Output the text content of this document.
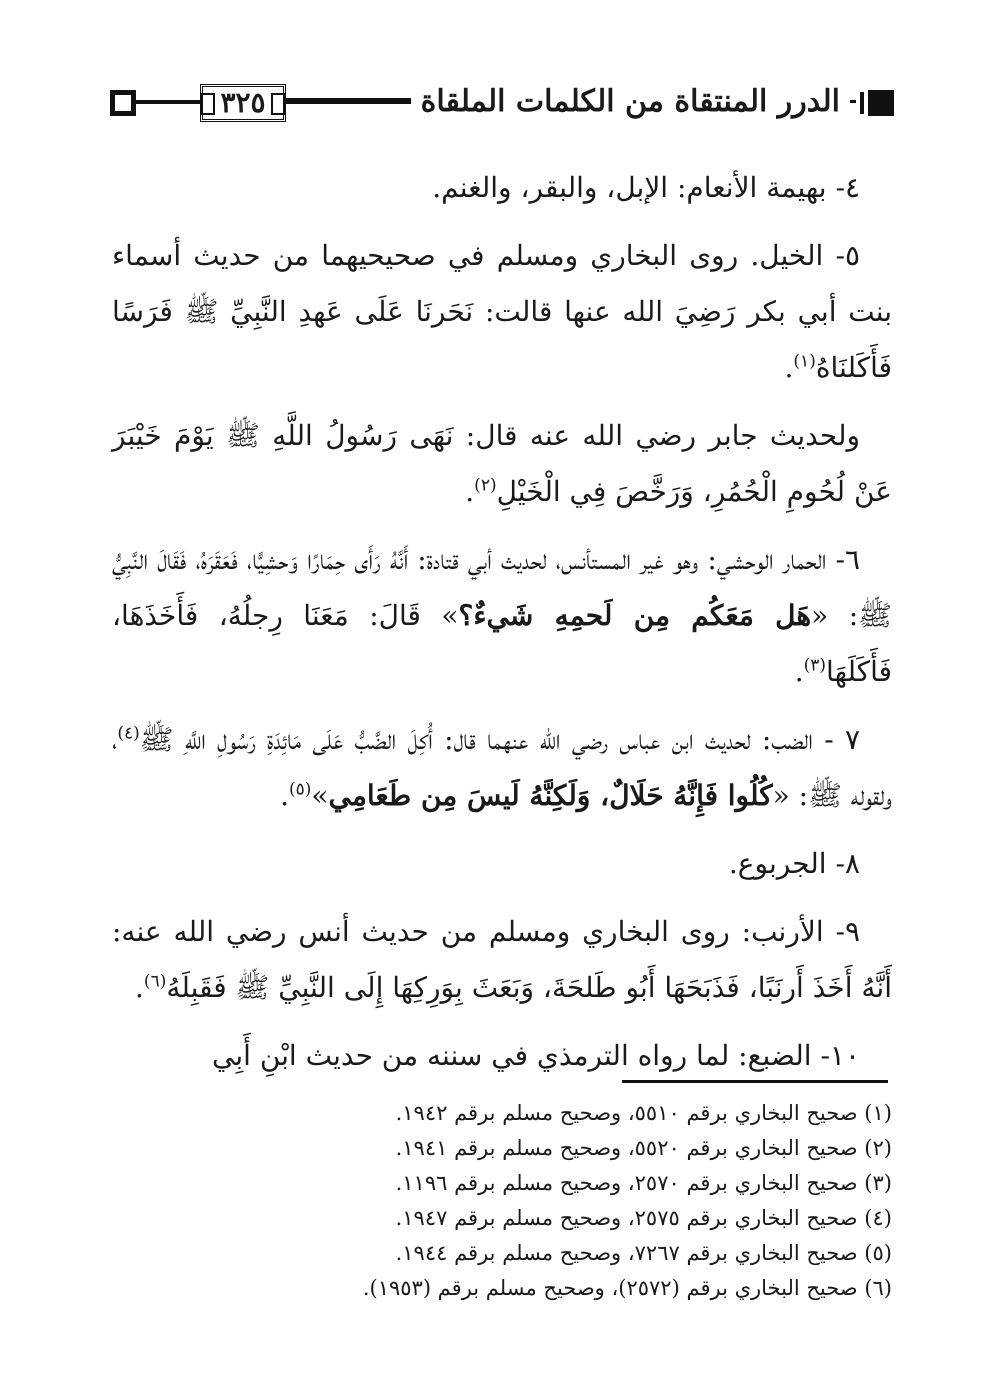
٣٢٥	الدرر المنتقاة من الكلمات الملقاة

٤- بهيمة الأنعام: الإبل، والبقر، والغنم.

٥- الخيل. روى البخاري ومسلم في صحيحيهما من حديث أسماء بنت أبي بكر رَضِيَ الله عنها قالت: نَحَرنَا عَلَى عَهدِ النَّبِيِّ ﷺ فَرَسًا فَأَكَلنَاهُ$^{(١)}$.

ولحديث جابر رضي الله عنه قال: نَهَى رَسُولُ اللَّهِ ﷺ يَوْمَ خَيْبَرَ عَنْ لُحُومِ الْحُمُرِ، وَرَخَّصَ فِي الْخَيْلِ$^{(٢)}$.

٦- الحمار الوحشي: وهو غير المستأنس، لحديث أبي قتادة: أَنَّهُ رَأَى حِمَارًا وَحشِيًّا، فَعَقَرَهُ، فَقَالَ النَّبِيُّ ﷺ: «هَل مَعَكُم مِن لَحمِهِ شَيءٌ؟» قَالَ: مَعَنَا رِجلُهُ، فَأَخَذَهَا، فَأَكَلَهَا$^{(٣)}$.

٧ - الضب: لحديث ابن عباس رضي الله عنهما قال: أُكِلَ الضَّبُّ عَلَى مَائِدَةِ رَسُولِ اللَّهِ ﷺ$^{(٤)}$، ولقوله ﷺ: «كُلُوا فَإِنَّهُ حَلَالٌ، وَلَكِنَّهُ لَيسَ مِن طَعَامِي»$^{(٥)}$.

٨- الجربوع.

٩- الأرنب: روى البخاري ومسلم من حديث أنس رضي الله عنه: أَنَّهُ أَخَذَ أَرنَبًا، فَذَبَحَهَا أَبُو طَلحَةَ، وَبَعَثَ بِوَرِكِهَا إِلَى النَّبِيِّ ﷺ فَقَبِلَهُ$^{(٦)}$.

١٠- الضبع: لما رواه الترمذي في سننه من حديث ابْنِ أَبِي

(١) صحيح البخاري برقم ٥٥١٠، وصحيح مسلم برقم ١٩٤٢.
(٢) صحيح البخاري برقم ٥٥٢٠، وصحيح مسلم برقم ١٩٤١.
(٣) صحيح البخاري برقم ٢٥٧٠، وصحيح مسلم برقم ١١٩٦.
(٤) صحيح البخاري برقم ٢٥٧٥، وصحيح مسلم برقم ١٩٤٧.
(٥) صحيح البخاري برقم ٧٢٦٧، وصحيح مسلم برقم ١٩٤٤.
(٦) صحيح البخاري برقم (٢٥٧٢)، وصحيح مسلم برقم (١٩٥٣).
